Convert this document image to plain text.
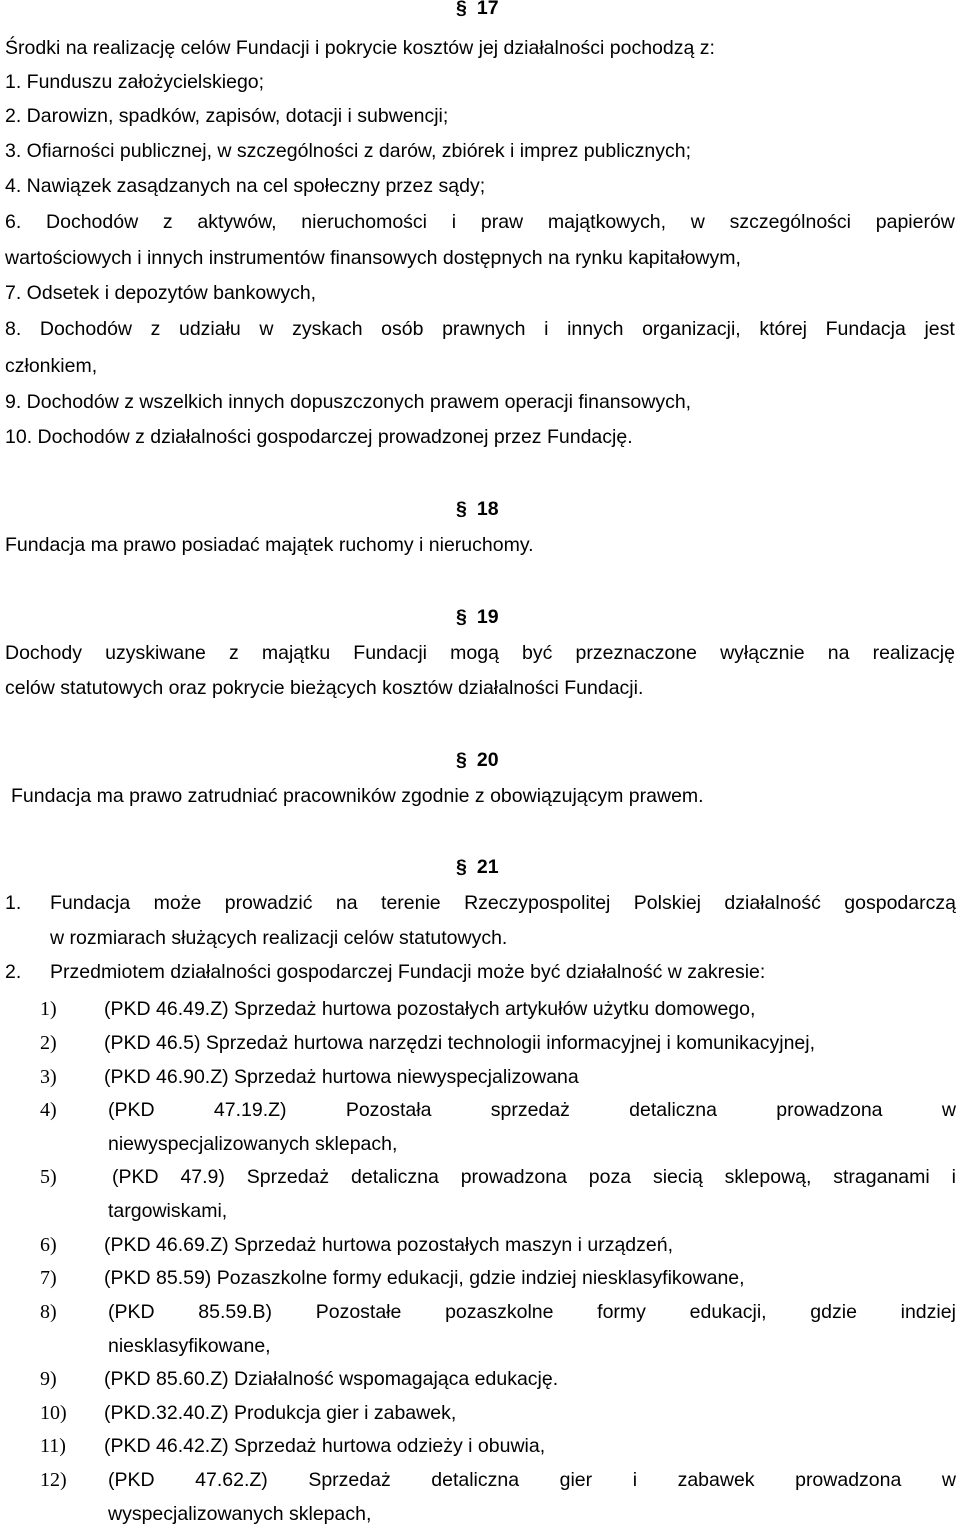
§ 17
Środki na realizację celów Fundacji i pokrycie kosztów jej działalności pochodzą z:
1. Funduszu założycielskiego;
2. Darowizn, spadków, zapisów, dotacji i subwencji;
3. Ofiarności publicznej, w szczególności z darów, zbiórek i imprez publicznych;
4. Nawiązek zasądzanych na cel społeczny przez sądy;
6. Dochodów z aktywów, nieruchomości i praw majątkowych, w szczególności papierów
wartościowych i innych instrumentów finansowych dostępnych na rynku kapitałowym,
7. Odsetek i depozytów bankowych,
8. Dochodów z udziału w zyskach osób prawnych i innych organizacji, której Fundacja jest
członkiem,
9. Dochodów z wszelkich innych dopuszczonych prawem operacji finansowych,
10. Dochodów z działalności gospodarczej prowadzonej przez Fundację.
§ 18
Fundacja ma prawo posiadać majątek ruchomy i nieruchomy.
§ 19
Dochody uzyskiwane z majątku Fundacji mogą być przeznaczone wyłącznie na realizację
celów statutowych oraz pokrycie bieżących kosztów działalności Fundacji.
§ 20
Fundacja ma prawo zatrudniać pracowników zgodnie z obowiązującym prawem.
§ 21
1. Fundacja może prowadzić na terenie Rzeczypospolitej Polskiej działalność gospodarczą
w rozmiarach służących realizacji celów statutowych.
2. Przedmiotem działalności gospodarczej Fundacji może być działalność w zakresie:
1) (PKD 46.49.Z) Sprzedaż hurtowa pozostałych artykułów użytku domowego,
2) (PKD 46.5) Sprzedaż hurtowa narzędzi technologii informacyjnej i komunikacyjnej,
3) (PKD 46.90.Z) Sprzedaż hurtowa niewyspecjalizowana
4)	(PKD	47.19.Z)	Pozostała	sprzedaż	detaliczna	prowadzona	w
niewyspecjalizowanych sklepach,
5)	(PKD 47.9) Sprzedaż detaliczna prowadzona poza siecią sklepową, straganami i
targowiskami,
6) (PKD 46.69.Z) Sprzedaż hurtowa pozostałych maszyn i urządzeń,
7) (PKD 85.59) Pozaszkolne formy edukacji, gdzie indziej niesklasyfikowane,
8)	(PKD 85.59.B) Pozostałe pozaszkolne formy edukacji, gdzie indziej
niesklasyfikowane,
9) (PKD 85.60.Z) Działalność wspomagająca edukację.
10) (PKD.32.40.Z) Produkcja gier i zabawek,
11) (PKD 46.42.Z) Sprzedaż hurtowa odzieży i obuwia,
12) (PKD 47.62.Z) Sprzedaż detaliczna gier i zabawek prowadzona w
wyspecjalizowanych sklepach,
